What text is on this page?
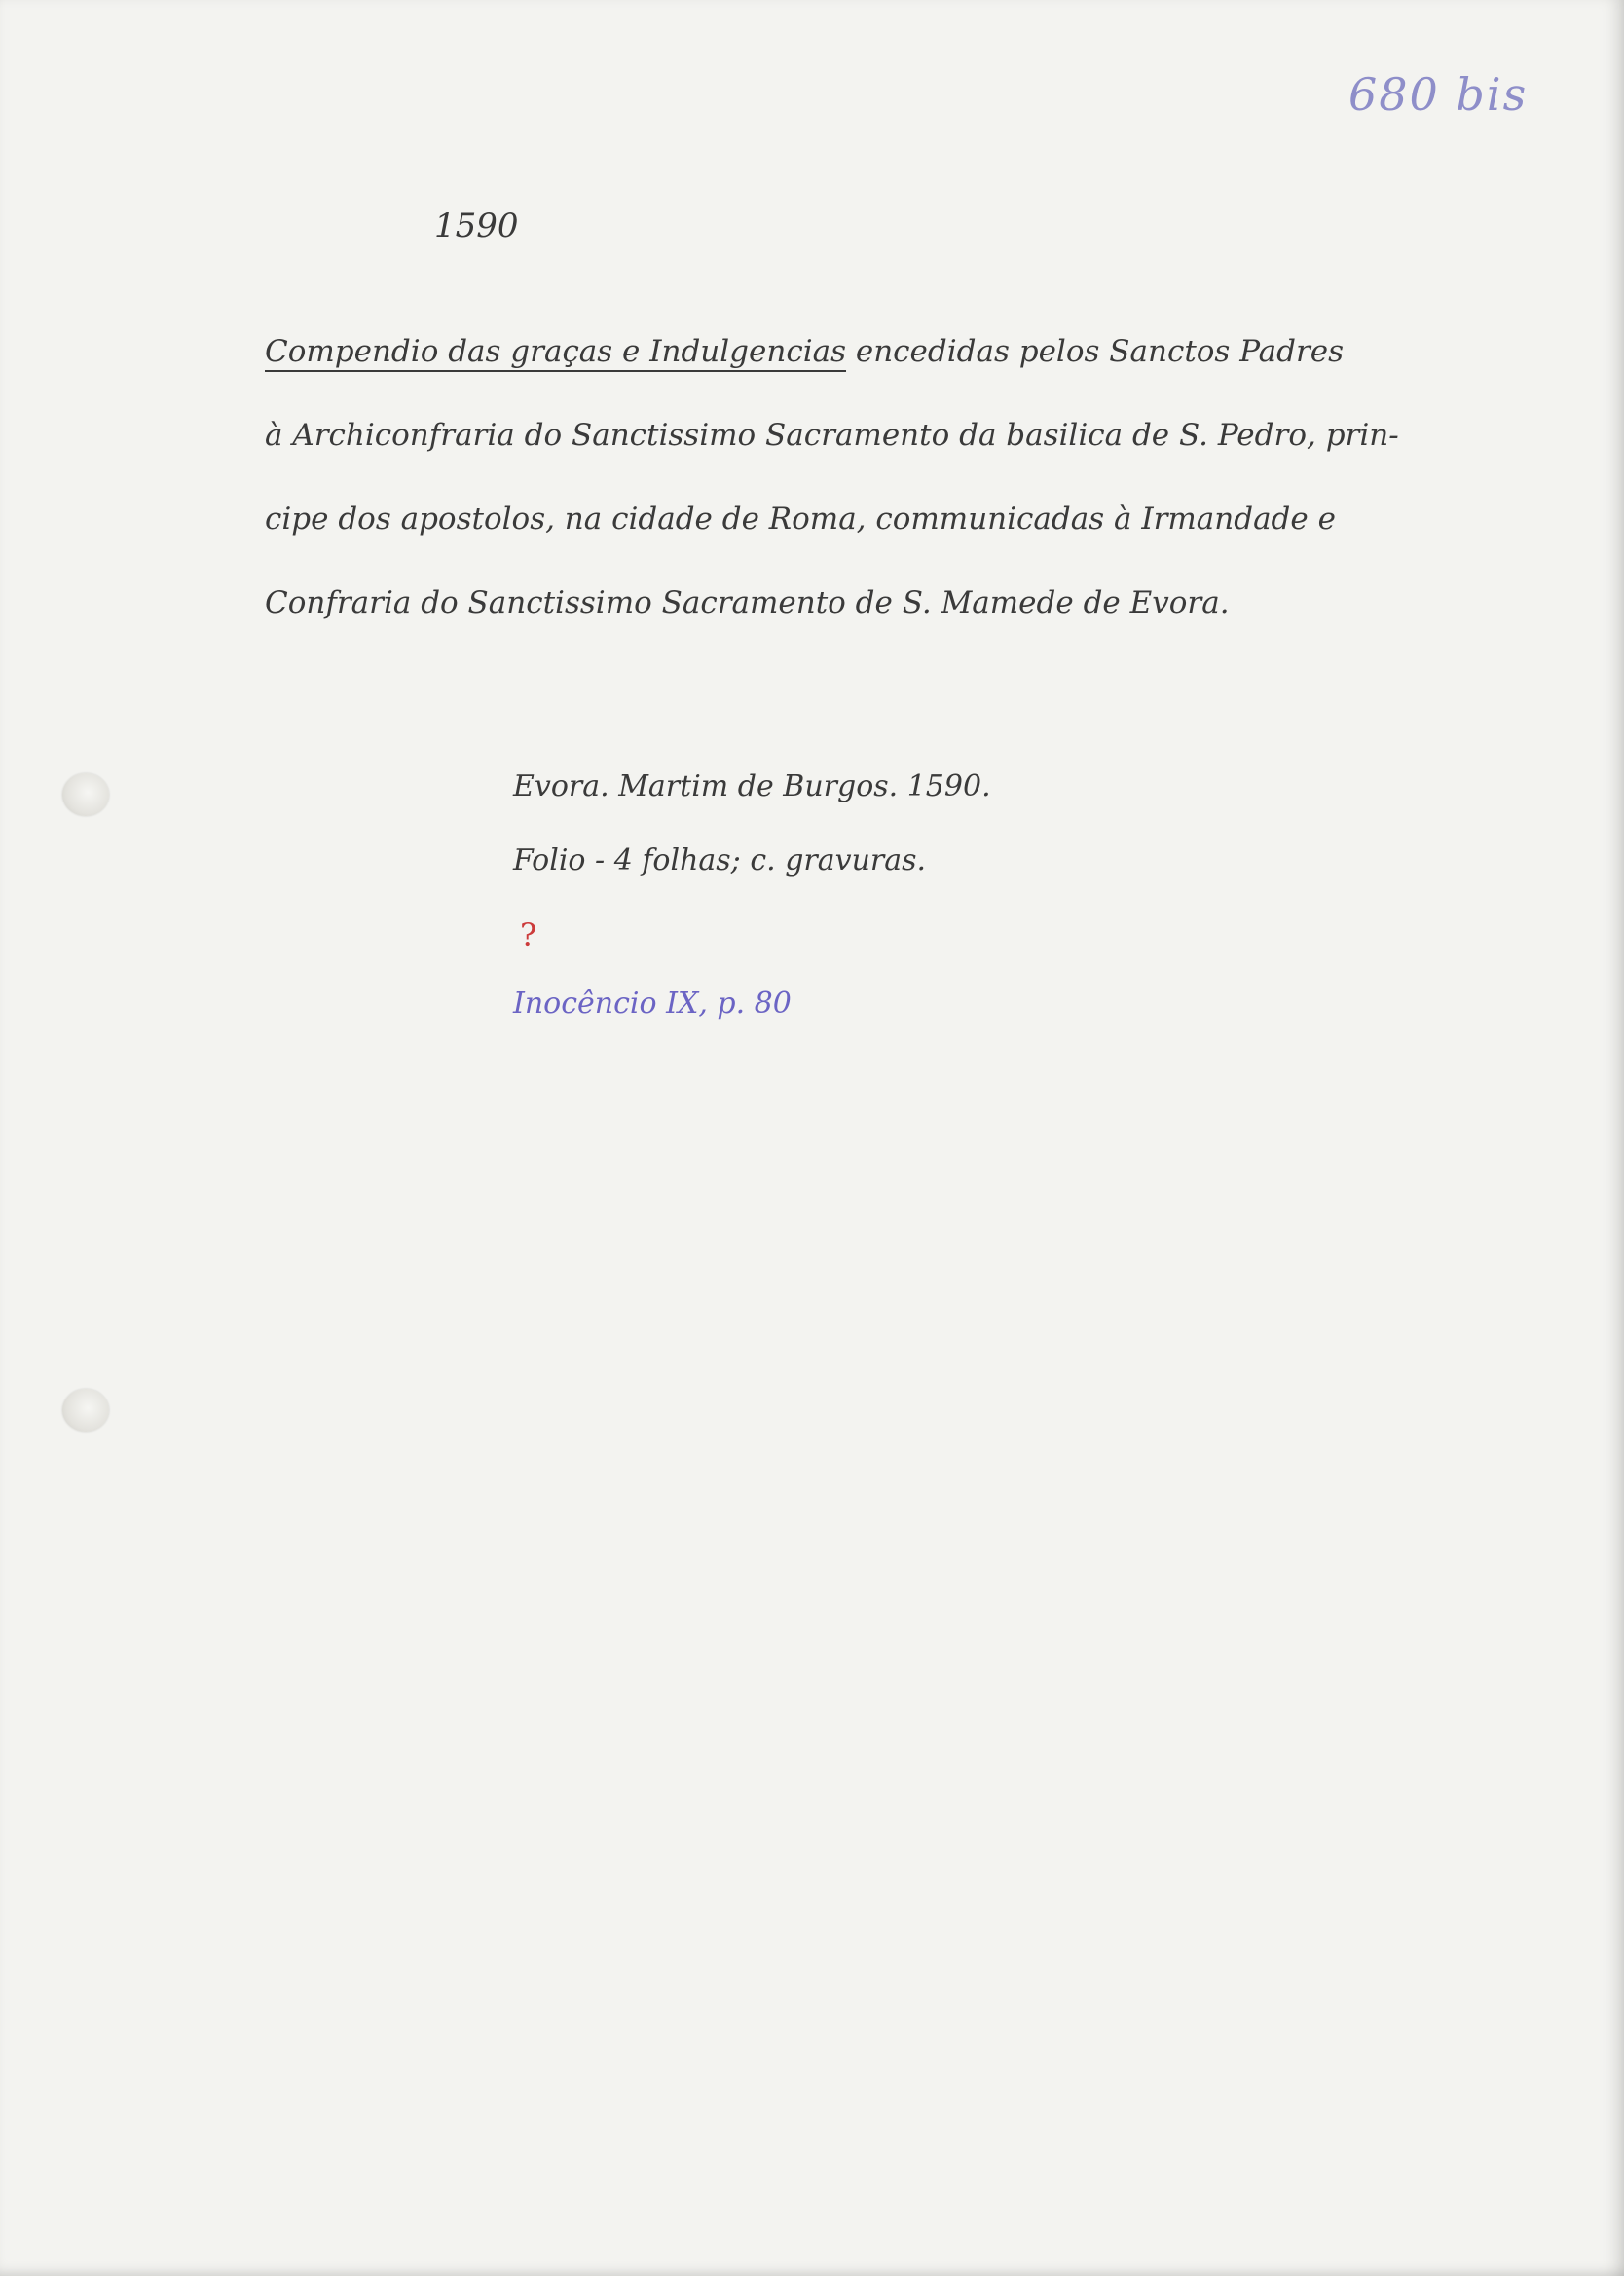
680 bis
1590
Compendio das graças e Indulgencias encedidas pelos Sanctos Padres
à Archiconfraria do Sanctissimo Sacramento da basilica de S. Pedro, prin-
cipe dos apostolos, na cidade de Roma, communicadas à Irmandade e
Confraria do Sanctissimo Sacramento de S. Mamede de Evora.
Evora. Martim de Burgos. 1590.
Folio - 4 folhas; c. gravuras.
?
Inocêncio IX, p. 80
